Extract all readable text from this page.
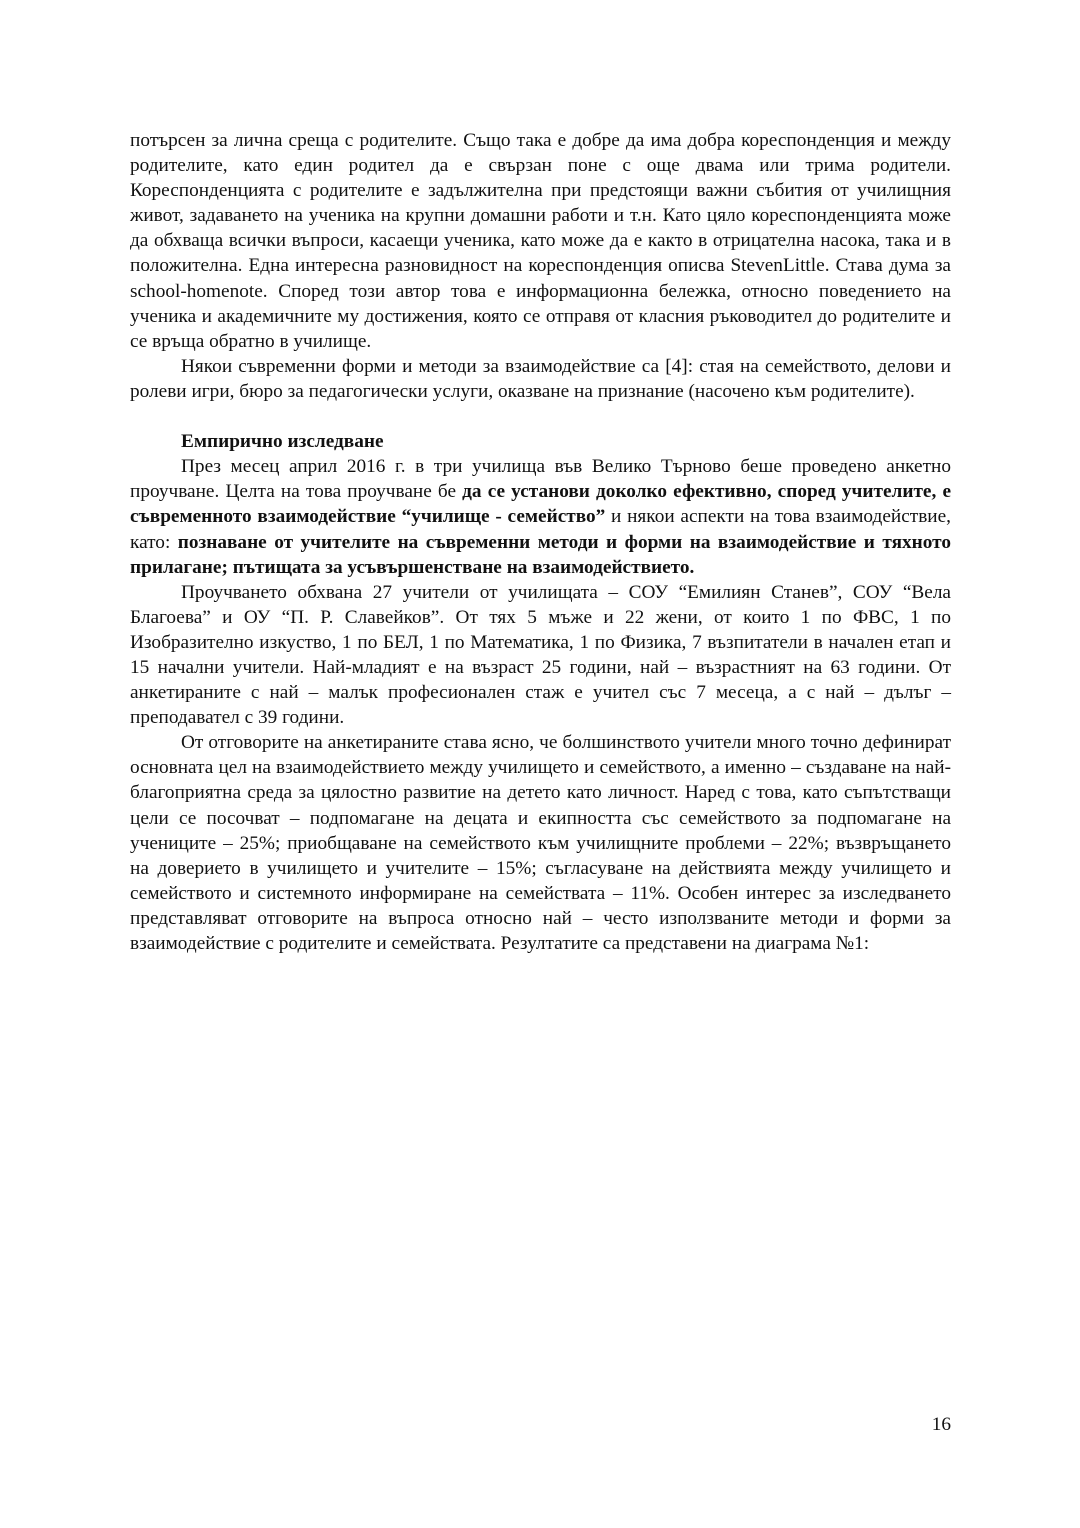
потърсен за лична среща с родителите. Също така е добре да има добра кореспонденция и между родителите, като един родител да е свързан поне с още двама или трима родители. Кореспонденцията с родителите е задължителна при предстоящи важни събития от училищния живот, задаването на ученика на крупни домашни работи и т.н. Като цяло кореспонденцията може да обхваща всички въпроси, касаещи ученика, като може да е както в отрицателна насока, така и в положителна. Една интересна разновидност на кореспонденция описва StevenLittle. Става дума за school-homenote. Според този автор това е информационна бележка, относно поведението на ученика и академичните му достижения, която се отправя от класния ръководител до родителите и се връща обратно в училище.

Някои съвременни форми и методи за взаимодействие са [4]: стая на семейството, делови и ролеви игри, бюро за педагогически услуги, оказване на признание (насочено към родителите).

Емпирично изследване

През месец април 2016 г. в три училища във Велико Търново беше проведено анкетно проучване. Целта на това проучване бе да се установи доколко ефективно, според учителите, е съвременното взаимодействие “училище - семейство” и някои аспекти на това взаимодействие, като: познаване от учителите на съвременни методи и форми на взаимодействие и тяхното прилагане; пътищата за усъвършенстване на взаимодействието.

Проучването обхвана 27 учители от училищата – СОУ “Емилиян Станев”, СОУ “Вела Благоева” и ОУ “П. Р. Славейков”. От тях 5 мъже и 22 жени, от които 1 по ФВС, 1 по Изобразително изкуство, 1 по БЕЛ, 1 по Математика, 1 по Физика, 7 възпитатели в начален етап и 15 начални учители. Най-младият е на възраст 25 години, най – възрастният на 63 години. От анкетираните с най – малък професионален стаж е учител със 7 месеца, а с най – дълъг – преподавател с 39 години.

От отговорите на анкетираните става ясно, че болшинството учители много точно дефинират основната цел на взаимодействието между училището и семейството, а именно – създаване на най-благоприятна среда за цялостно развитие на детето като личност. Наред с това, като съпътстващи цели се посочват – подпомагане на децата и екипността със семейството за подпомагане на учениците – 25%; приобщаване на семейството към училищните проблеми – 22%; възвръщането на доверието в училището и учителите – 15%; съгласуване на действията между училището и семейството и системното информиране на семействата – 11%. Особен интерес за изследването представляват отговорите на въпроса относно най – често използваните методи и форми за взаимодействие с родителите и семействата. Резултатите са представени на диаграма №1:

16
